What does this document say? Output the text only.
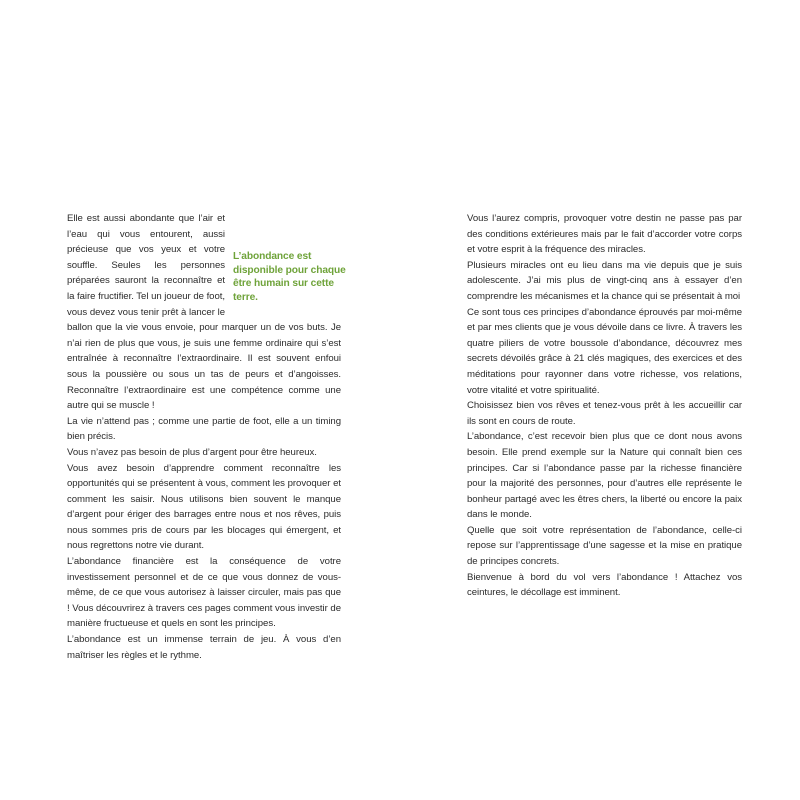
L’abondance est disponible pour chaque être humain sur cette terre.
Elle est aussi abondante que l’air et l’eau qui vous entourent, aussi précieuse que vos yeux et votre souffle. Seules les personnes préparées sauront la reconnaître et la faire fructifier. Tel un joueur de foot, vous devez vous tenir prêt à lancer le ballon que la vie vous envoie, pour marquer un de vos buts. Je n’ai rien de plus que vous, je suis une femme ordinaire qui s’est entraînée à reconnaître l’extraordinaire. Il est souvent enfoui sous la poussière ou sous un tas de peurs et d’angoisses. Reconnaître l’extraordinaire est une compétence comme une autre qui se muscle !

La vie n’attend pas ; comme une partie de foot, elle a un timing bien précis.

Vous n’avez pas besoin de plus d’argent pour être heureux.

Vous avez besoin d’apprendre comment reconnaître les opportunités qui se présentent à vous, comment les provoquer et comment les saisir. Nous utilisons bien souvent le manque d’argent pour ériger des barrages entre nous et nos rêves, puis nous sommes pris de cours par les blocages qui émergent, et nous regrettons notre vie durant.

L’abondance financière est la conséquence de votre investissement personnel et de ce que vous donnez de vous-même, de ce que vous autorisez à laisser circuler, mais pas que ! Vous découvrirez à travers ces pages comment vous investir de manière fructueuse et quels en sont les principes.

L’abondance est un immense terrain de jeu. À vous d’en maîtriser les règles et le rythme.

Vous l’aurez compris, provoquer votre destin ne passe pas par des conditions extérieures mais par le fait d’accorder votre corps et votre esprit à la fréquence des miracles.

Plusieurs miracles ont eu lieu dans ma vie depuis que je suis adolescente. J’ai mis plus de vingt-cinq ans à essayer d’en comprendre les mécanismes et la chance qui se présentait à moi

Ce sont tous ces principes d’abondance éprouvés par moi-même et par mes clients que je vous dévoile dans ce livre. À travers les quatre piliers de votre boussole d’abondance, découvrez mes secrets dévoilés grâce à 21 clés magiques, des exercices et des méditations pour rayonner dans votre richesse, vos relations, votre vitalité et votre spiritualité.

Choisissez bien vos rêves et tenez-vous prêt à les accueillir car ils sont en cours de route.

L’abondance, c’est recevoir bien plus que ce dont nous avons besoin. Elle prend exemple sur la Nature qui connaît bien ces principes. Car si l’abondance passe par la richesse financière pour la majorité des personnes, pour d’autres elle représente le bonheur partagé avec les êtres chers, la liberté ou encore la paix dans le monde.

Quelle que soit votre représentation de l’abondance, celle-ci repose sur l’apprentissage d’une sagesse et la mise en pratique de principes concrets.

Bienvenue à bord du vol vers l’abondance ! Attachez vos ceintures, le décollage est imminent.
